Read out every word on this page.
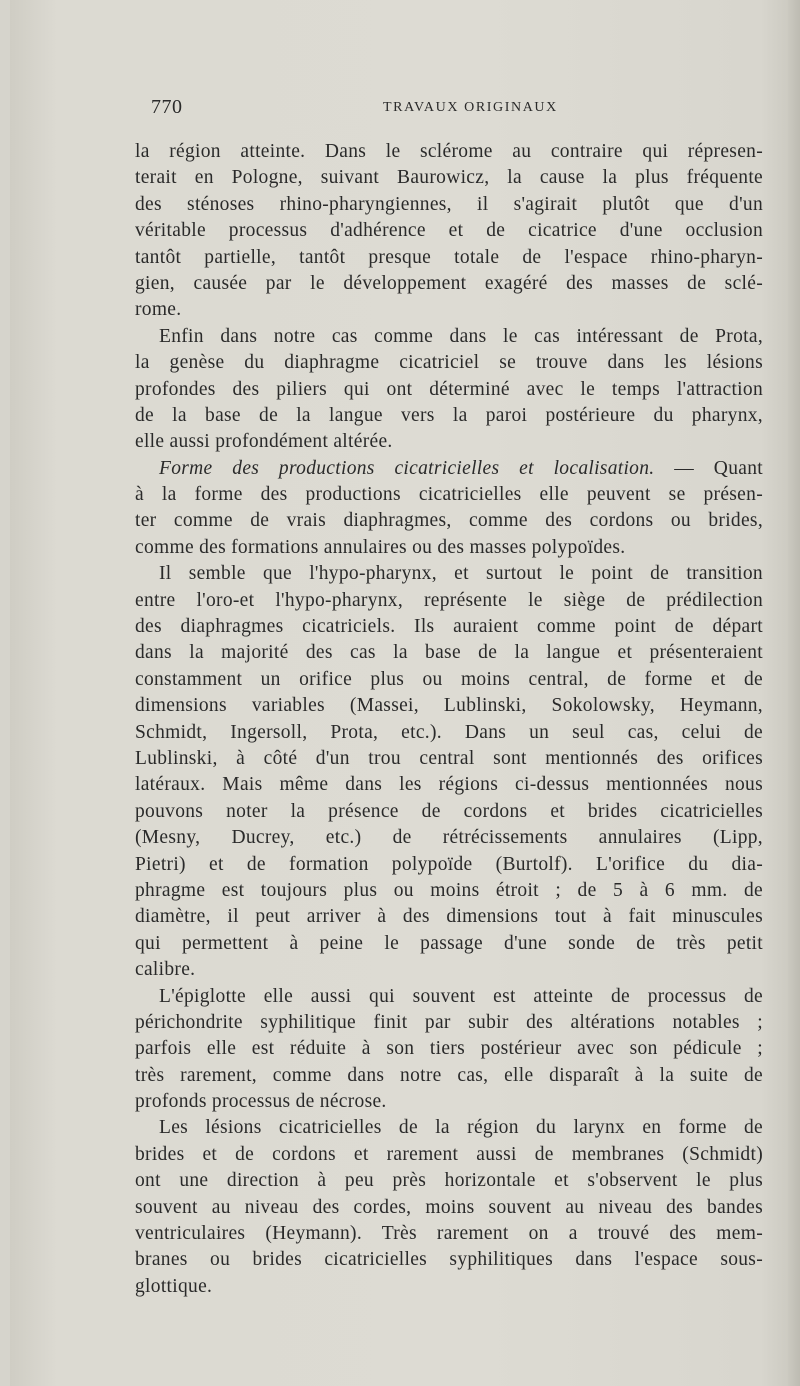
770	TRAVAUX ORIGINAUX
la région atteinte. Dans le sclérome au contraire qui répresen-
terait en Pologne, suivant Baurowicz, la cause la plus fréquente
des sténoses rhino-pharyngiennes, il s'agirait plutôt que d'un
véritable processus d'adhérence et de cicatrice d'une occlusion
tantôt partielle, tantôt presque totale de l'espace rhino-pharyn-
gien, causée par le développement exagéré des masses de sclé-
rome.
Enfin dans notre cas comme dans le cas intéressant de Prota,
la genèse du diaphragme cicatriciel se trouve dans les lésions
profondes des piliers qui ont déterminé avec le temps l'attraction
de la base de la langue vers la paroi postérieure du pharynx,
elle aussi profondément altérée.
Forme des productions cicatricielles et localisation. — Quant
à la forme des productions cicatricielles elle peuvent se présen-
ter comme de vrais diaphragmes, comme des cordons ou brides,
comme des formations annulaires ou des masses polypoïdes.
Il semble que l'hypo-pharynx, et surtout le point de transition
entre l'oro-et l'hypo-pharynx, représente le siège de prédilection
des diaphragmes cicatriciels. Ils auraient comme point de départ
dans la majorité des cas la base de la langue et présenteraient
constamment un orifice plus ou moins central, de forme et de
dimensions variables (Massei, Lublinski, Sokolowsky, Heymann,
Schmidt, Ingersoll, Prota, etc.). Dans un seul cas, celui de
Lublinski, à côté d'un trou central sont mentionnés des orifices
latéraux. Mais même dans les régions ci-dessus mentionnées nous
pouvons noter la présence de cordons et brides cicatricielles
(Mesny, Ducrey, etc.) de rétrécissements annulaires (Lipp,
Pietri) et de formation polypoïde (Burtolf). L'orifice du dia-
phragme est toujours plus ou moins étroit ; de 5 à 6 mm. de
diamètre, il peut arriver à des dimensions tout à fait minuscules
qui permettent à peine le passage d'une sonde de très petit
calibre.
L'épiglotte elle aussi qui souvent est atteinte de processus de
périchondrite syphilitique finit par subir des altérations notables ;
parfois elle est réduite à son tiers postérieur avec son pédicule ;
très rarement, comme dans notre cas, elle disparaît à la suite de
profonds processus de nécrose.
Les lésions cicatricielles de la région du larynx en forme de
brides et de cordons et rarement aussi de membranes (Schmidt)
ont une direction à peu près horizontale et s'observent le plus
souvent au niveau des cordes, moins souvent au niveau des bandes
ventriculaires (Heymann). Très rarement on a trouvé des mem-
branes ou brides cicatricielles syphilitiques dans l'espace sous-
glottique.
